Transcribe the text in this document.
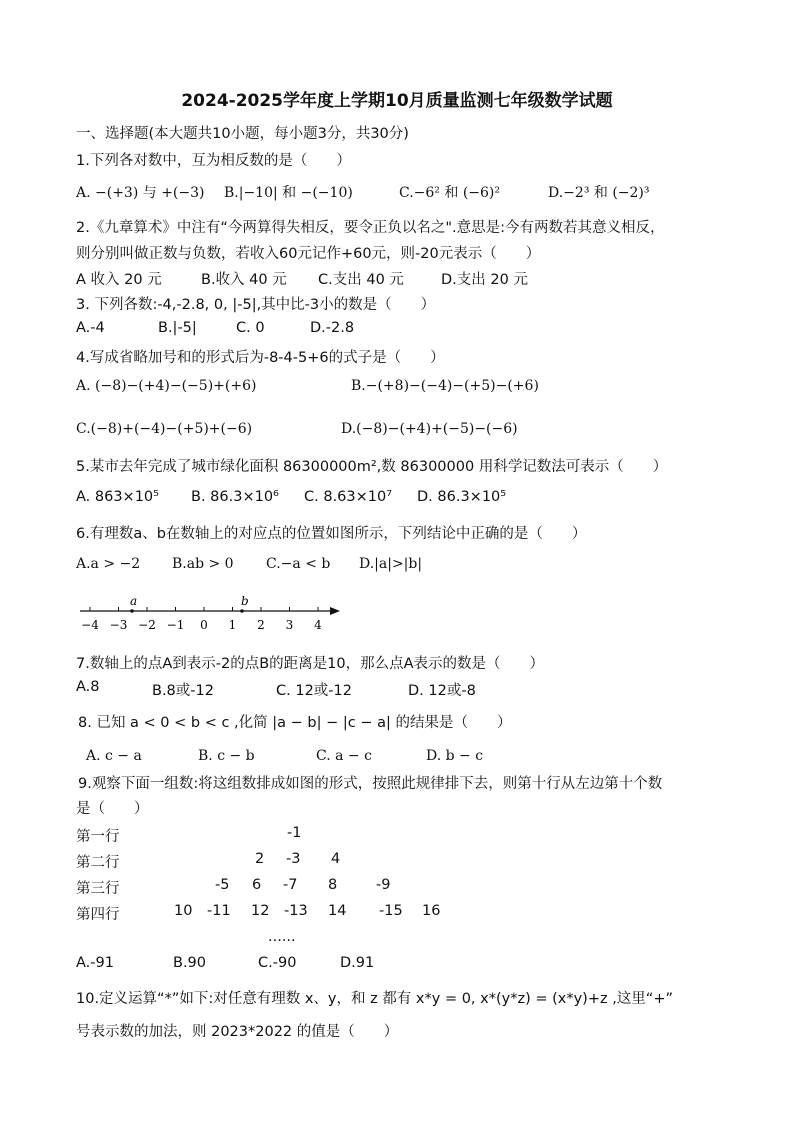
2024-2025学年度上学期10月质量监测七年级数学试题
一、选择题(本大题共10小题，每小题3分，共30分)
1.下列各对数中，互为相反数的是（　　）
A. −(+3) 与 +(−3) B.|−10| 和 −(−10)	C.−6² 和 (−6)²	D.−2³ 和 (−2)³
2.《九章算术》中注有“今两算得失相反，要令正负以名之".意思是:今有两数若其意义相反，
则分别叫做正数与负数，若收入60元记作+60元，则-20元表示（　　）
A 收入 20 元	B.收入 40 元 C.支出 40 元	D.支出 20 元
3. 下列各数:-4,-2.8, 0, |-5|,其中比-3小的数是（　　）
A.-4	B.|-5|	C. 0	D.-2.8
4.写成省略加号和的形式后为-8-4-5+6的式子是（　　）
A. (−8)−(+4)−(−5)+(+6)	B.−(+8)−(−4)−(+5)−(+6)
C.(−8)+(−4)−(+5)+(−6)	D.(−8)−(+4)+(−5)−(−6)
5.某市去年完成了城市绿化面积 86300000m²,数 86300000 用科学记数法可表示（　　）
A. 863×10⁵ B. 86.3×10⁶ C. 8.63×10⁷ D. 86.3×10⁵
6.有理数a、b在数轴上的对应点的位置如图所示，下列结论中正确的是（　　）
A.a > −2 B.ab > 0 C.−a < b D.|a|>|b|
−4 −3 −2 −1 0 1 2 3 4
a	b
7.数轴上的点A到表示-2的点B的距离是10，那么点A表示的数是（　　）
A.8	B.8或-12	C. 12或-12	D. 12或-8
8. 已知 a < 0 < b < c ,化简 |a − b| − |c − a| 的结果是（　　）
A. c − a	B. c − b	C. a − c	D. b − c
9.观察下面一组数:将这组数排成如图的形式，按照此规律排下去，则第十行从左边第十个数
是（　　）
第一行	-1
第二行	2 -3 4
第三行	-5 6 -7 8	-9
第四行	10 -11 12 -13 14 -15 16
......
A.-91	B.90	C.-90	D.91
10.定义运算“*”如下:对任意有理数 x、y，和 z 都有 x*y = 0, x*(y*z) = (x*y)+z ,这里“+”
号表示数的加法，则 2023*2022 的值是（　　）
